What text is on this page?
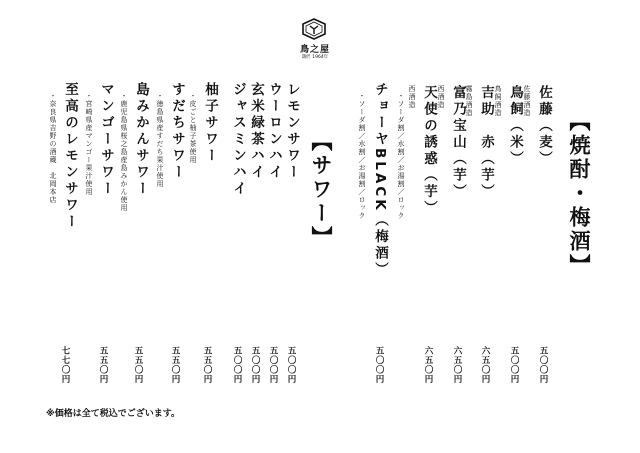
鳥之屋
鶏匠 1964年
【焼酎・梅酒】
佐藤（麦）
佐藤酒造
五〇〇円
鳥飼（米）
鳥飼酒造
五〇〇円
吉助　赤（芋）
霧島酒造
六五〇円
富乃宝山（芋）
西酒造
六五〇円
天使の誘惑（芋）
西酒造
六五〇円
・ソーダ割／水割／お湯割／ロック
チョーヤBLACK（梅酒）
五〇〇円
・ソーダ割／水割／お湯割／ロック
【サワー】
レモンサワー
五〇〇円
ウーロンハイ
五〇〇円
玄米緑茶ハイ
五〇〇円
ジャスミンハイ
五〇〇円
柚子サワー
・皮ごと柚子茶使用
五五〇円
すだちサワー
・徳島県産すだち果汁使用
五五〇円
島みかんサワー
・鹿児島県桜之島産島みかん使用
五五〇円
マンゴーサワー
・宮崎県産マンゴー果汁使用
五五〇円
至高のレモンサワー
・奈良県吉野の酒蔵　北岡本店
七七〇円
※価格は全て税込でございます。
